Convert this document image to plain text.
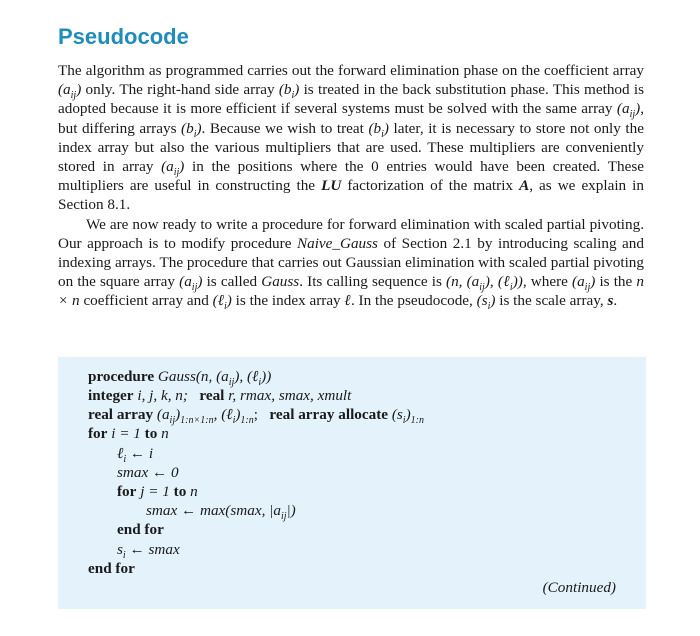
Pseudocode

The algorithm as programmed carries out the forward elimination phase on the coefficient array $(a_{ij})$ only. The right-hand side array $(b_i)$ is treated in the back substitution phase. This method is adopted because it is more efficient if several systems must be solved with the same array $(a_{ij})$, but differing arrays $(b_i)$. Because we wish to treat $(b_i)$ later, it is necessary to store not only the index array but also the various multipliers that are used. These multipliers are conveniently stored in array $(a_{ij})$ in the positions where the 0 entries would have been created. These multipliers are useful in constructing the LU factorization of the matrix A, as we explain in Section 8.1.

We are now ready to write a procedure for forward elimination with scaled partial pivoting. Our approach is to modify procedure Naive_Gauss of Section 2.1 by introducing scaling and indexing arrays. The procedure that carries out Gaussian elimination with scaled partial pivoting on the square array $(a_{ij})$ is called Gauss. Its calling sequence is (n, $(a_{ij})$, (ℓ$_i$)), where $(a_{ij})$ is the n × n coefficient array and (ℓ$_i$) is the index array ℓ. In the pseudocode, $(s_i)$ is the scale array, s.

procedure Gauss(n, $(a_{ij})$, (ℓ$_i$))
integer i, j, k, n; real r, rmax, smax, xmult
real array $(a_{ij})_{1:n\times 1:n}$, $(\ell_i)_{1:n}$; real array allocate $(s_i)_{1:n}$
for i = 1 to n
ℓ$_i$ ← i
smax ← 0
for j = 1 to n
smax ← max(smax, $|a_{ij}|$)
end for
$s_i$ ← smax
end for
(Continued)
